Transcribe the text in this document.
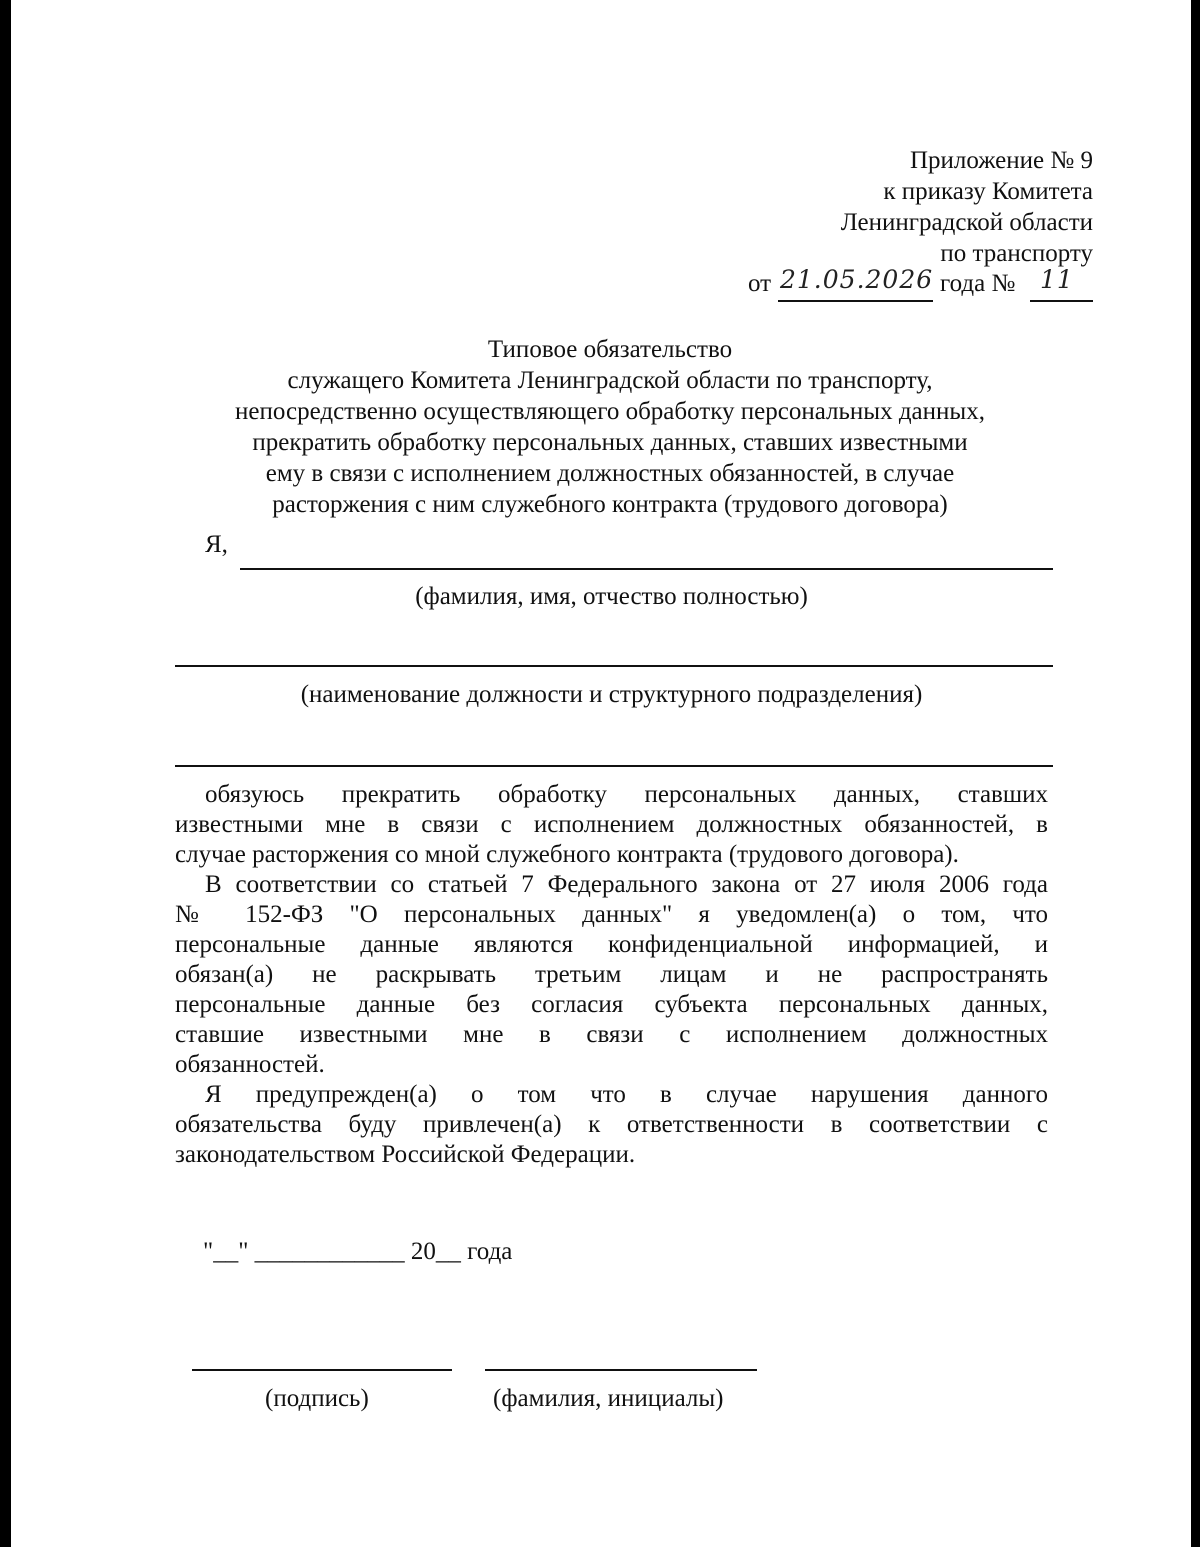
Приложение № 9
к приказу Комитета
Ленинградской области
по транспорту
от 21.05.2026 года № 11
Типовое обязательство
служащего Комитета Ленинградской области по транспорту,
непосредственно осуществляющего обработку персональных данных,
прекратить обработку персональных данных, ставших известными
ему в связи с исполнением должностных обязанностей, в случае
расторжения с ним служебного контракта (трудового договора)
Я,
(фамилия, имя, отчество полностью)
(наименование должности и структурного подразделения)
обязуюсь прекратить обработку персональных данных, ставших
известными мне в связи с исполнением должностных обязанностей, в
случае расторжения со мной служебного контракта (трудового договора).
В соответствии со статьей 7 Федерального закона от 27 июля 2006 года
№ 152-ФЗ "О персональных данных" я уведомлен(а) о том, что
персональные данные являются конфиденциальной информацией, и
обязан(а) не раскрывать третьим лицам и не распространять
персональные данные без согласия субъекта персональных данных,
ставшие известными мне в связи с исполнением должностных
обязанностей.
Я предупрежден(а) о том что в случае нарушения данного
обязательства буду привлечен(а) к ответственности в соответствии с
законодательством Российской Федерации.
"__" ____________ 20__ года
(подпись)	(фамилия, инициалы)
